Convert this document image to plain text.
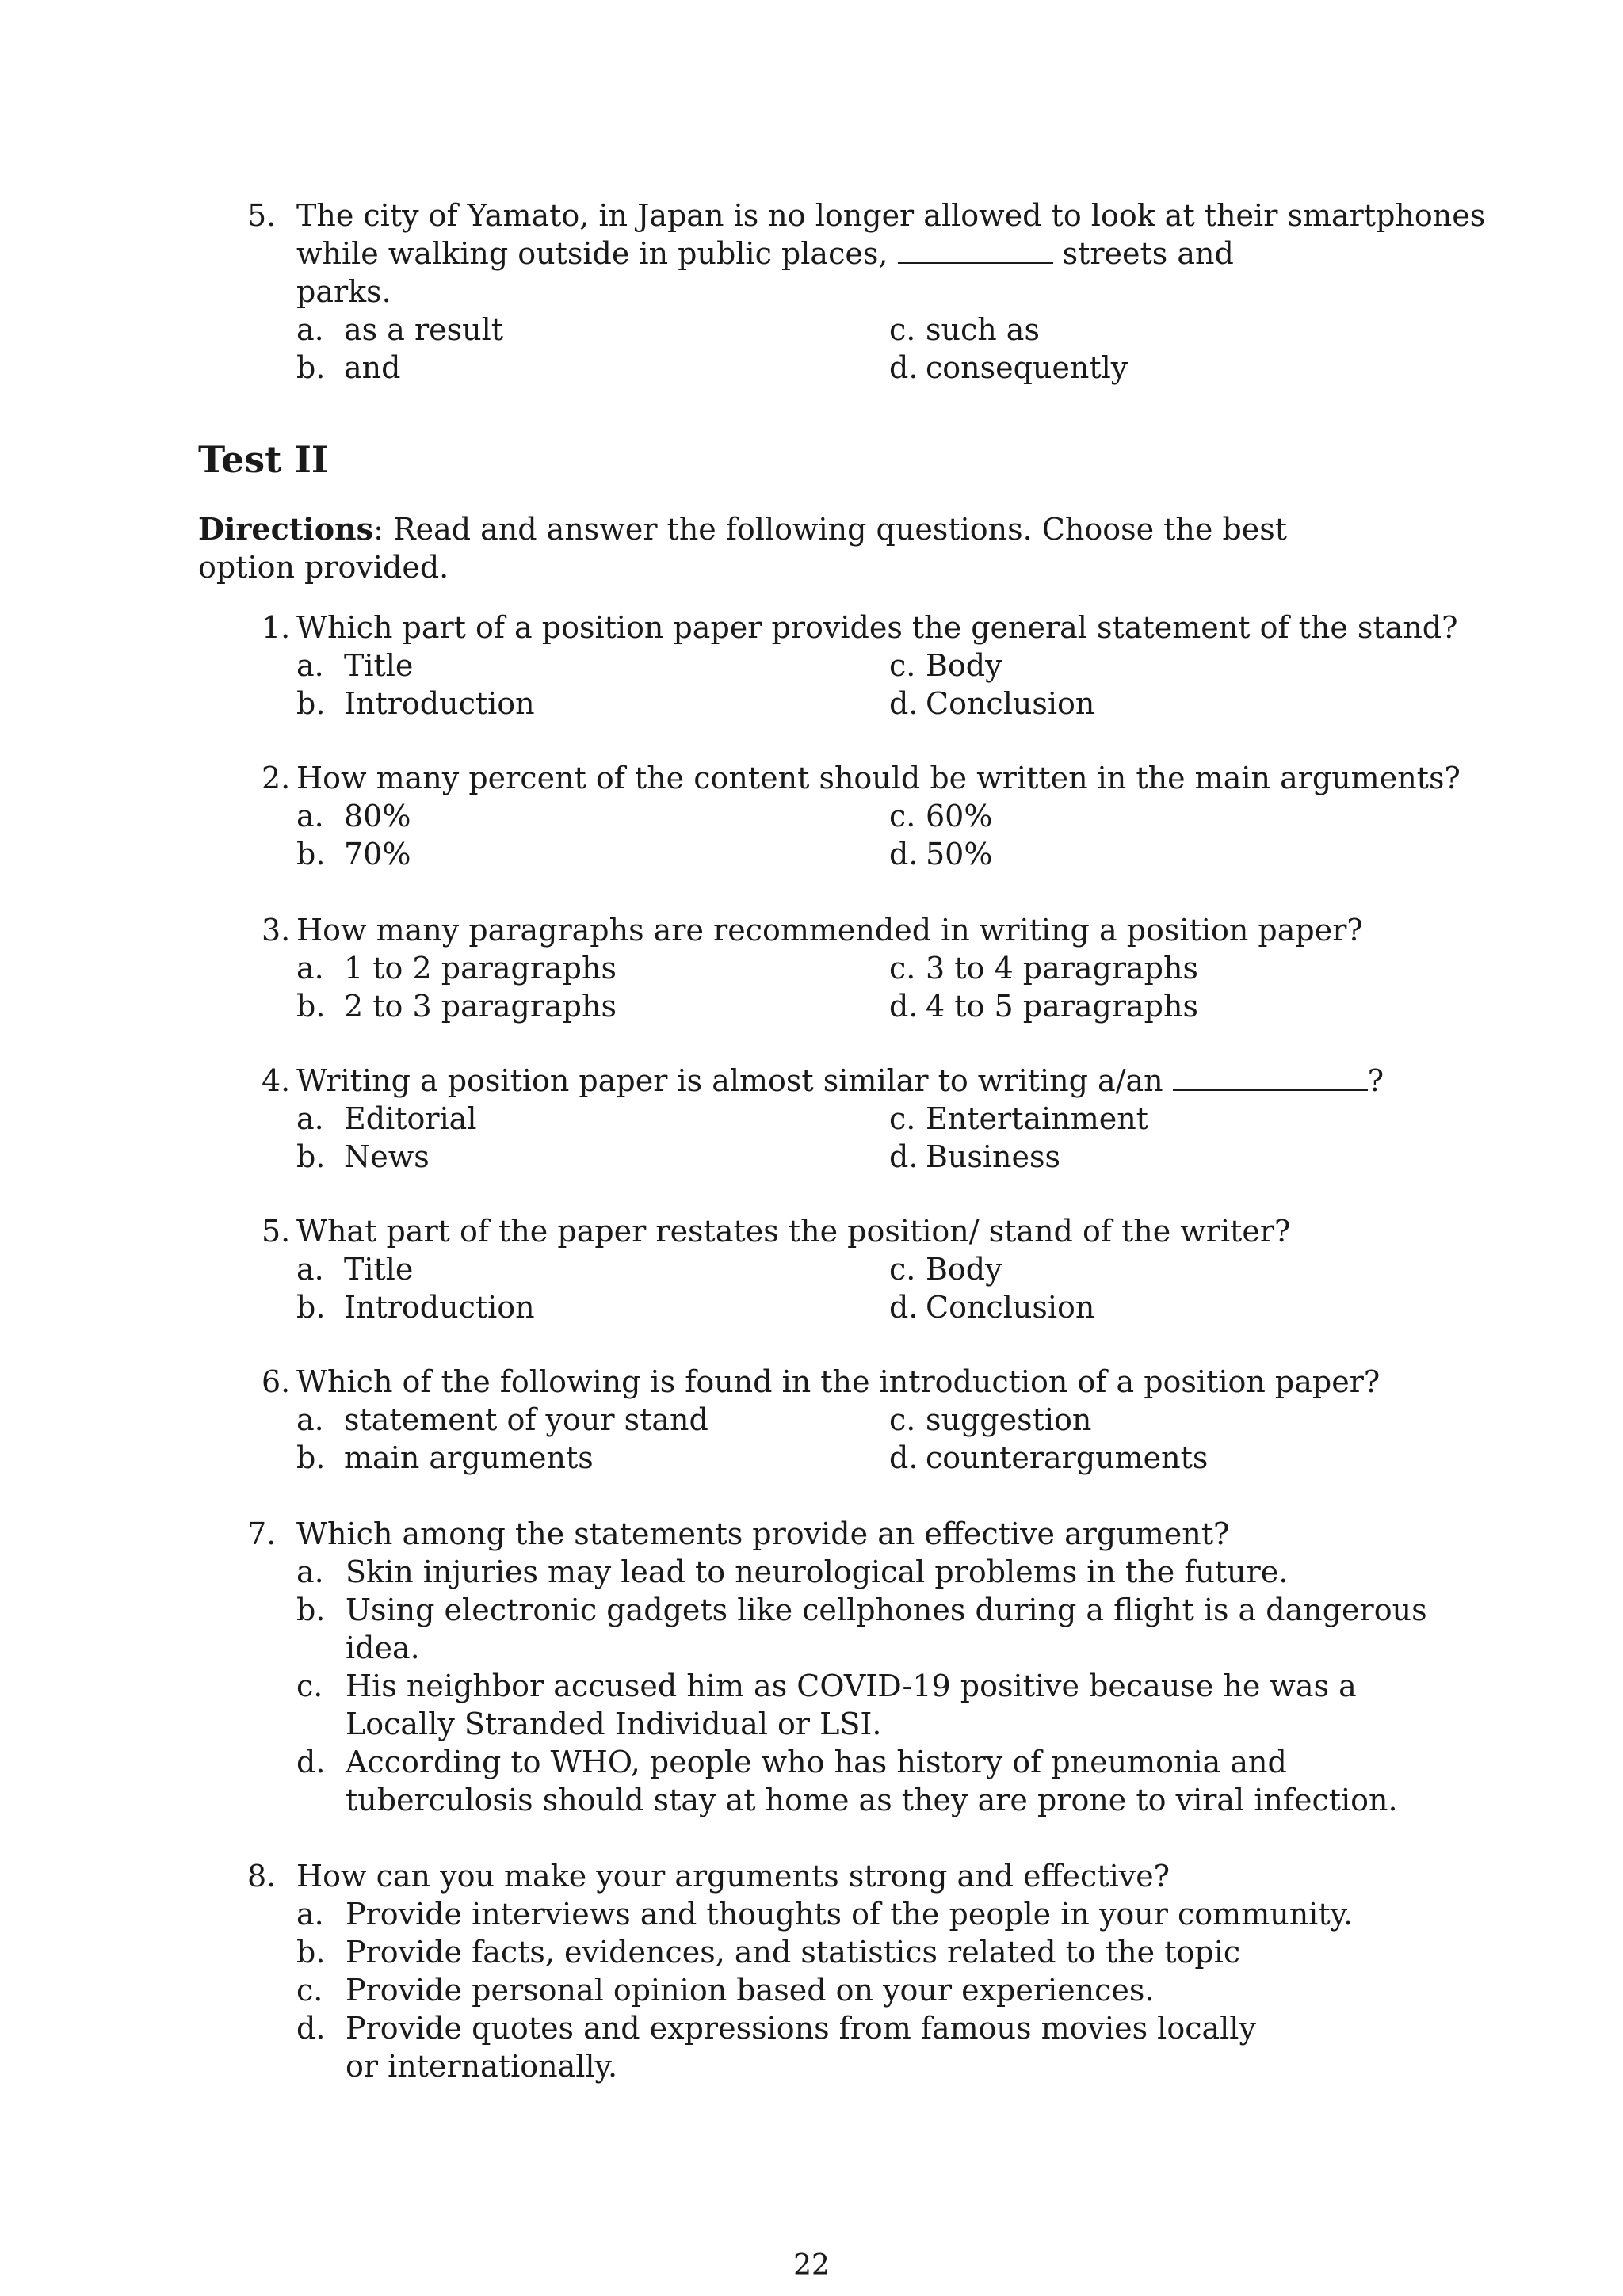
5. The city of Yamato, in Japan is no longer allowed to look at their smartphones
while walking outside in public places,	streets and
parks.
a. as a result
b. and
c. such as
d. consequently
Test II
Directions: Read and answer the following questions. Choose the best
option provided.
1. Which part of a position paper provides the general statement of the stand?
a. Title
b. Introduction
c. Body
d. Conclusion
2. How many percent of the content should be written in the main arguments?
a. 80%
b. 70%
c. 60%
d. 50%
3. How many paragraphs are recommended in writing a position paper?
a. 1 to 2 paragraphs
b. 2 to 3 paragraphs
c. 3 to 4 paragraphs
d. 4 to 5 paragraphs
4. Writing a position paper is almost similar to writing a/an	?
a. Editorial
b. News
c. Entertainment
d. Business
5. What part of the paper restates the position/ stand of the writer?
a. Title
b. Introduction
c. Body
d. Conclusion
6. Which of the following is found in the introduction of a position paper?
a. statement of your stand
b. main arguments
c. suggestion
d. counterarguments
7. Which among the statements provide an effective argument?
a. Skin injuries may lead to neurological problems in the future.
b. Using electronic gadgets like cellphones during a flight is a dangerous
idea.
c. His neighbor accused him as COVID-19 positive because he was a
Locally Stranded Individual or LSI.
d. According to WHO, people who has history of pneumonia and
tuberculosis should stay at home as they are prone to viral infection.
8. How can you make your arguments strong and effective?
a. Provide interviews and thoughts of the people in your community.
b. Provide facts, evidences, and statistics related to the topic
c. Provide personal opinion based on your experiences.
d. Provide quotes and expressions from famous movies locally
or internationally.
22
